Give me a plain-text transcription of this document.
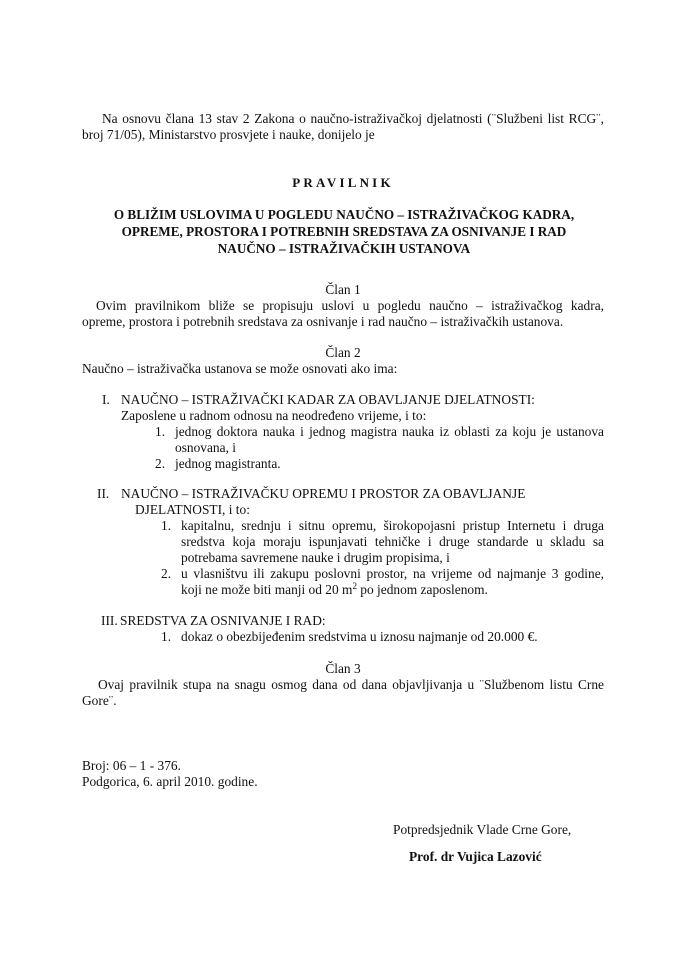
Na osnovu člana 13 stav 2 Zakona o naučno-istraživačkoj djelatnosti (¨Službeni list RCG¨,
broj 71/05), Ministarstvo prosvjete i nauke, donijelo je
PRAVILNIK
O BLIŽIM USLOVIMA U POGLEDU NAUČNO – ISTRAŽIVAČKOG KADRA,
OPREME, PROSTORA I POTREBNIH SREDSTAVA ZA OSNIVANJE I RAD
NAUČNO – ISTRAŽIVAČKIH USTANOVA
Član 1
Ovim pravilnikom bliže se propisuju uslovi u pogledu naučno – istraživačkog kadra,
opreme, prostora i potrebnih sredstava za osnivanje i rad naučno – istraživačkih ustanova.
Član 2
Naučno – istraživačka ustanova se može osnovati ako ima:
I. NAUČNO – ISTRAŽIVAČKI KADAR ZA OBAVLJANJE DJELATNOSTI:
Zaposlene u radnom odnosu na neodređeno vrijeme, i to:
1. jednog doktora nauka i jednog magistra nauka iz oblasti za koju je ustanova
osnovana, i
2. jednog magistranta.
II. NAUČNO – ISTRAŽIVAČKU OPREMU I PROSTOR ZA OBAVLJANJE
DJELATNOSTI, i to:
1. kapitalnu, srednju i sitnu opremu, širokopojasni pristup Internetu i druga
sredstva koja moraju ispunjavati tehničke i druge standarde u skladu sa
potrebama savremene nauke i drugim propisima, i
2. u vlasništvu ili zakupu poslovni prostor, na vrijeme od najmanje 3 godine,
koji ne može biti manji od 20 $m^2$ po jednom zaposlenom.
III. SREDSTVA ZA OSNIVANJE I RAD:
1. dokaz o obezbijeđenim sredstvima u iznosu najmanje od 20.000 €.
Član 3
Ovaj pravilnik stupa na snagu osmog dana od dana objavljivanja u ¨Službenom listu Crne
Gore¨.
Broj: 06 – 1 - 376.
Podgorica, 6. april 2010. godine.
Potpredsjednik Vlade Crne Gore,
Prof. dr Vujica Lazović
